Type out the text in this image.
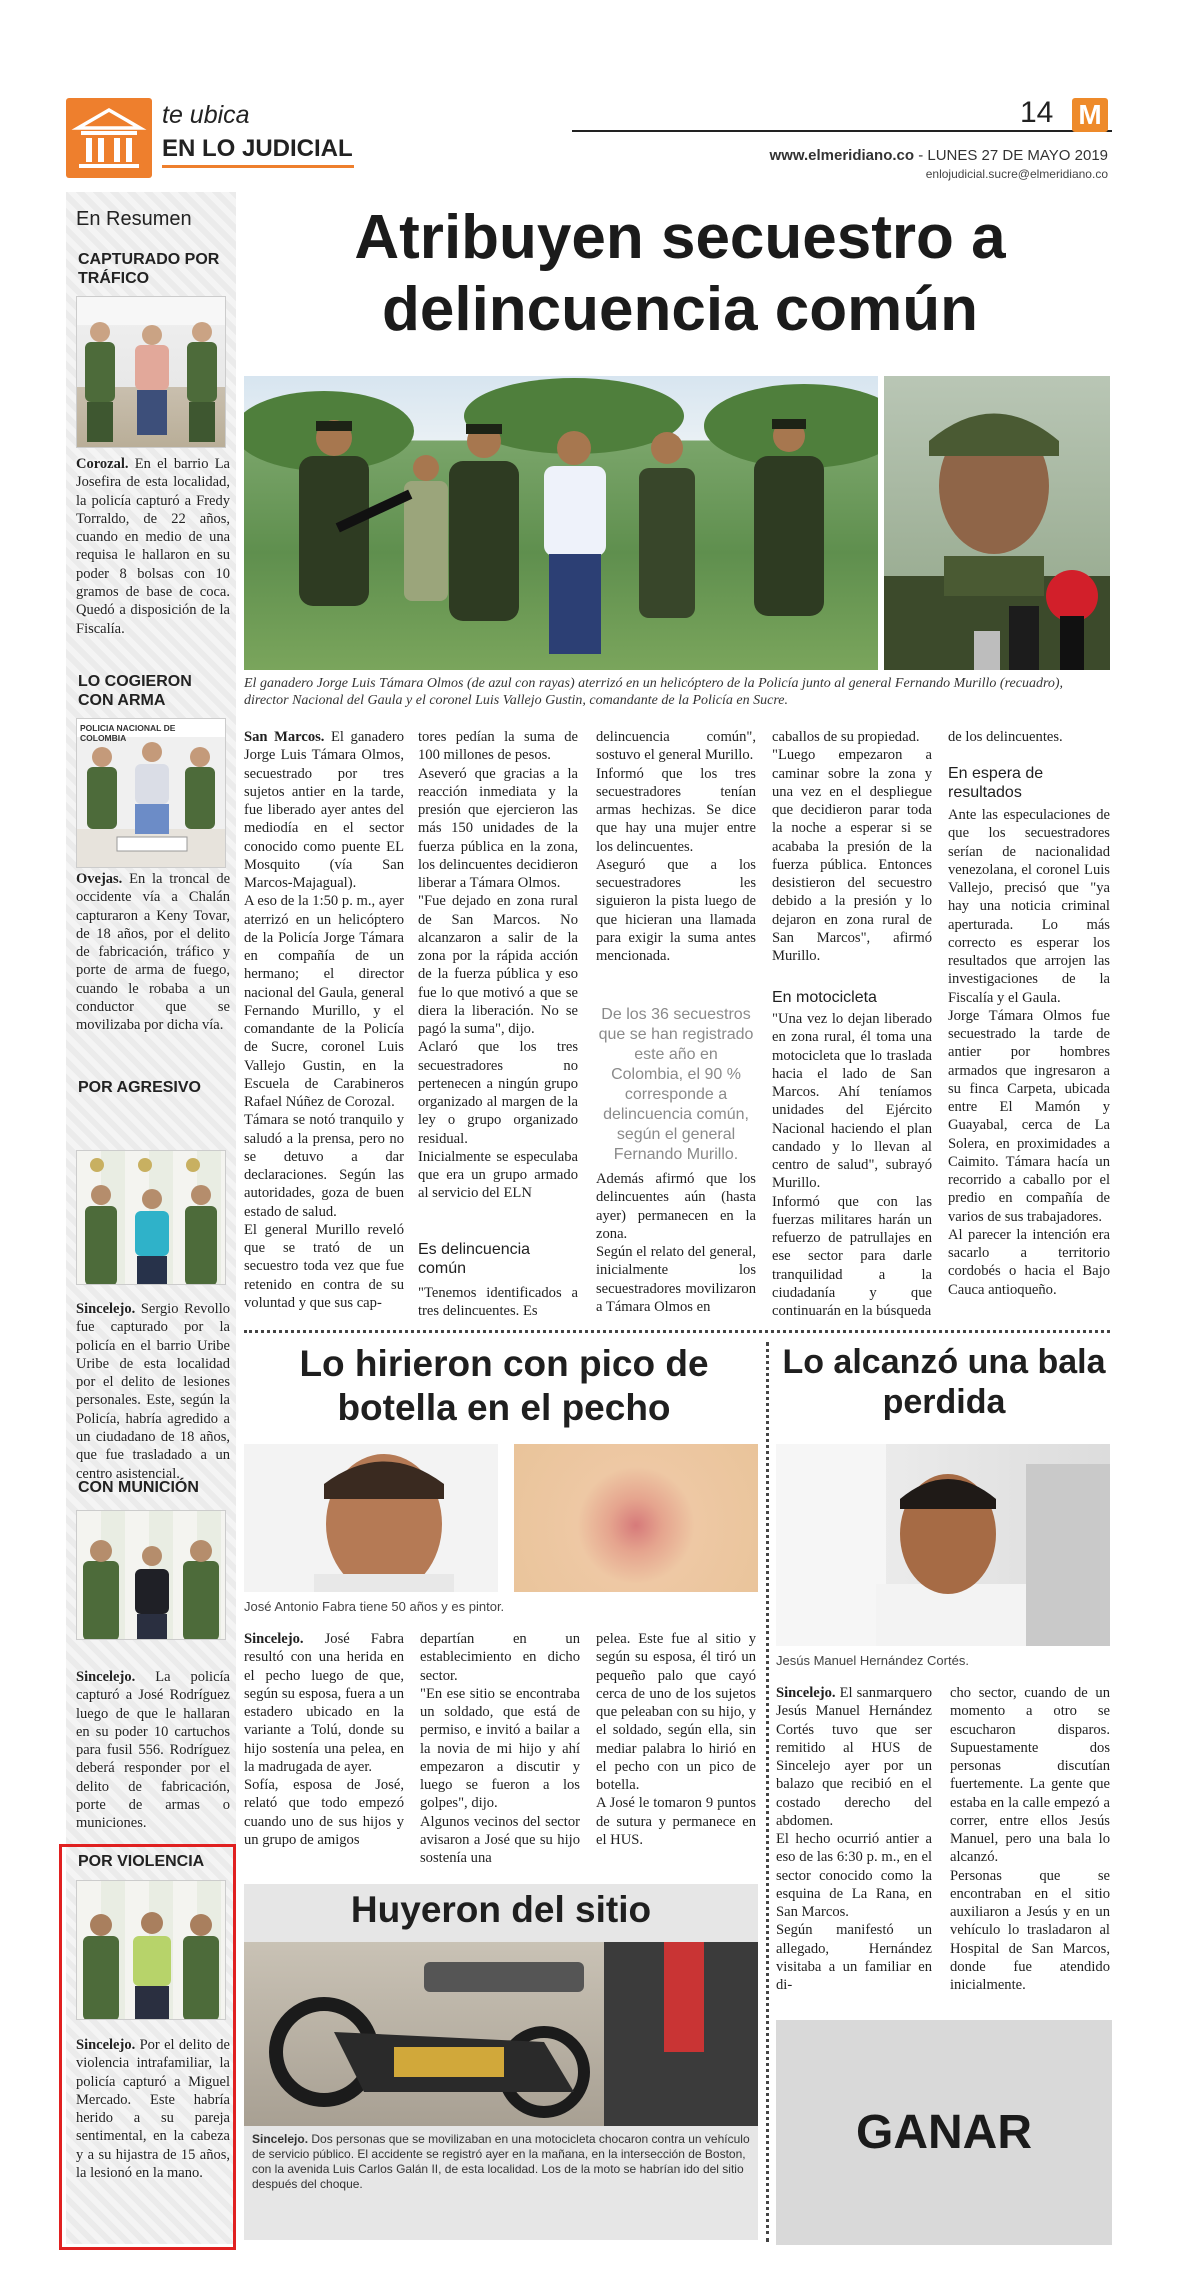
te ubica
EN LO JUDICIAL
14 M
www.elmeridiano.co - LUNES 27 DE MAYO 2019
enlojudicial.sucre@elmeridiano.co
En Resumen
CAPTURADO POR TRÁFICO
Corozal. En el barrio La Josefira de esta localidad, la policía capturó a Fredy Torraldo, de 22 años, cuando en medio de una requisa le hallaron en su poder 8 bolsas con 10 gramos de base de coca. Quedó a disposición de la Fiscalía.
LO COGIERON CON ARMA
POLICIA NACIONAL DE COLOMBIA
Ovejas. En la troncal de occidente vía a Chalán capturaron a Keny Tovar, de 18 años, por el delito de fabricación, tráfico y porte de arma de fuego, cuando le robaba a un conductor que se movilizaba por dicha vía.
POR AGRESIVO
Sincelejo. Sergio Revollo fue capturado por la policía en el barrio Uribe Uribe de esta localidad por el delito de lesiones personales. Este, según la Policía, habría agredido a un ciudadano de 18 años, que fue trasladado a un centro asistencial.
CON MUNICIÓN
Sincelejo. La policía capturó a José Rodríguez luego de que le hallaran en su poder 10 cartuchos para fusil 556. Rodríguez deberá responder por el delito de fabricación, porte de armas o municiones.
POR VIOLENCIA
Sincelejo. Por el delito de violencia intrafamiliar, la policía capturó a Miguel Mercado. Este habría herido a su pareja sentimental, en la cabeza y a su hijastra de 15 años, la lesionó en la mano.
Atribuyen secuestro a delincuencia común
El ganadero Jorge Luis Támara Olmos (de azul con rayas) aterrizó en un helicóptero de la Policía junto al general Fernando Murillo (recuadro), director Nacional del Gaula y el coronel Luis Vallejo Gustin, comandante de la Policía en Sucre.
San Marcos. El ganadero Jorge Luis Támara Olmos, secuestrado por tres sujetos antier en la tarde, fue liberado ayer antes del mediodía en el sector conocido como puente EL Mosquito (vía San Marcos-Majagual).
A eso de la 1:50 p. m., ayer aterrizó en un helicóptero de la Policía Jorge Támara en compañía de un hermano; el director nacional del Gaula, general Fernando Murillo, y el comandante de la Policía de Sucre, coronel Luis Vallejo Gustin, en la Escuela de Carabineros Rafael Núñez de Corozal.
Támara se notó tranquilo y saludó a la prensa, pero no se detuvo a dar declaraciones. Según las autoridades, goza de buen estado de salud.
El general Murillo reveló que se trató de un secuestro toda vez que fue retenido en contra de su voluntad y que sus cap-
tores pedían la suma de 100 millones de pesos.
Aseveró que gracias a la reacción inmediata y la presión que ejercieron las más 150 unidades de la fuerza pública en la zona, los delincuentes decidieron liberar a Támara Olmos.
"Fue dejado en zona rural de San Marcos. No alcanzaron a salir de la zona por la rápida acción de la fuerza pública y eso fue lo que motivó a que se diera la liberación. No se pagó la suma", dijo.
Aclaró que los tres secuestradores no pertenecen a ningún grupo organizado al margen de la ley o grupo organizado residual.
Inicialmente se especulaba que era un grupo armado al servicio del ELN
Es delincuencia común
"Tenemos identificados a tres delincuentes. Es
delincuencia común", sostuvo el general Murillo.
Informó que los tres secuestradores tenían armas hechizas. Se dice que hay una mujer entre los delincuentes.
Aseguró que a los secuestradores les siguieron la pista luego de que hicieran una llamada para exigir la suma antes mencionada.
De los 36 secuestros que se han registrado este año en Colombia, el 90 % corresponde a delincuencia común, según el general Fernando Murillo.
Además afirmó que los delincuentes aún (hasta ayer) permanecen en la zona.
Según el relato del general, inicialmente los secuestradores movilizaron a Támara Olmos en
caballos de su propiedad.
"Luego empezaron a caminar sobre la zona y una vez en el despliegue que decidieron parar toda la noche a esperar si se acababa la presión de la fuerza pública. Entonces desistieron del secuestro debido a la presión y lo dejaron en zona rural de San Marcos", afirmó Murillo.
En motocicleta
"Una vez lo dejan liberado en zona rural, él toma una motocicleta que lo traslada hacia el lado de San Marcos. Ahí teníamos unidades del Ejército Nacional haciendo el plan candado y lo llevan al centro de salud", subrayó Murillo.
Informó que con las fuerzas militares harán un refuerzo de patrullajes en ese sector para darle tranquilidad a la ciudadanía y que continuarán en la búsqueda
de los delincuentes.
En espera de resultados
Ante las especulaciones de que los secuestradores serían de nacionalidad venezolana, el coronel Luis Vallejo, precisó que "ya hay una noticia criminal aperturada. Lo más correcto es esperar los resultados que arrojen las investigaciones de la Fiscalía y el Gaula.
Jorge Támara Olmos fue secuestrado la tarde de antier por hombres armados que ingresaron a su finca Carpeta, ubicada entre El Mamón y Guayabal, cerca de La Solera, en proximidades a Caimito. Támara hacía un recorrido a caballo por el predio en compañía de varios de sus trabajadores.
Al parecer la intención era sacarlo a territorio cordobés o hacia el Bajo Cauca antioqueño.
Lo hirieron con pico de botella en el pecho
José Antonio Fabra tiene 50 años y es pintor.
Sincelejo. José Fabra resultó con una herida en el pecho luego de que, según su esposa, fuera a un estadero ubicado en la variante a Tolú, donde su hijo sostenía una pelea, en la madrugada de ayer.
Sofía, esposa de José, relató que todo empezó cuando uno de sus hijos y un grupo de amigos
departían en un establecimiento en dicho sector.
"En ese sitio se encontraba un soldado, que está de permiso, e invitó a bailar a la novia de mi hijo y ahí empezaron a discutir y luego se fueron a los golpes", dijo.
Algunos vecinos del sector avisaron a José que su hijo sostenía una
pelea. Este fue al sitio y según su esposa, él tiró un pequeño palo que cayó cerca de uno de los sujetos que peleaban con su hijo, y el soldado, según ella, sin mediar palabra lo hirió en el pecho con un pico de botella.
A José le tomaron 9 puntos de sutura y permanece en el HUS.
Lo alcanzó una bala perdida
Jesús Manuel Hernández Cortés.
Sincelejo. El sanmarquero Jesús Manuel Hernández Cortés tuvo que ser remitido al HUS de Sincelejo ayer por un balazo que recibió en el costado derecho del abdomen.
El hecho ocurrió antier a eso de las 6:30 p. m., en el sector conocido como la esquina de La Rana, en San Marcos.
Según manifestó un allegado, Hernández visitaba a un familiar en di-
cho sector, cuando de un momento a otro se escucharon disparos. Supuestamente dos personas discutían fuertemente. La gente que estaba en la calle empezó a correr, entre ellos Jesús Manuel, pero una bala lo alcanzó.
Personas que se encontraban en el sitio auxiliaron a Jesús y en un vehículo lo trasladaron al Hospital de San Marcos, donde fue atendido inicialmente.
Huyeron del sitio
Sincelejo. Dos personas que se movilizaban en una motocicleta chocaron contra un vehículo de servicio público. El accidente se registró ayer en la mañana, en la intersección de Boston, con la avenida Luis Carlos Galán II, de esta localidad. Los de la moto se habrían ido del sitio después del choque.
GANAR
